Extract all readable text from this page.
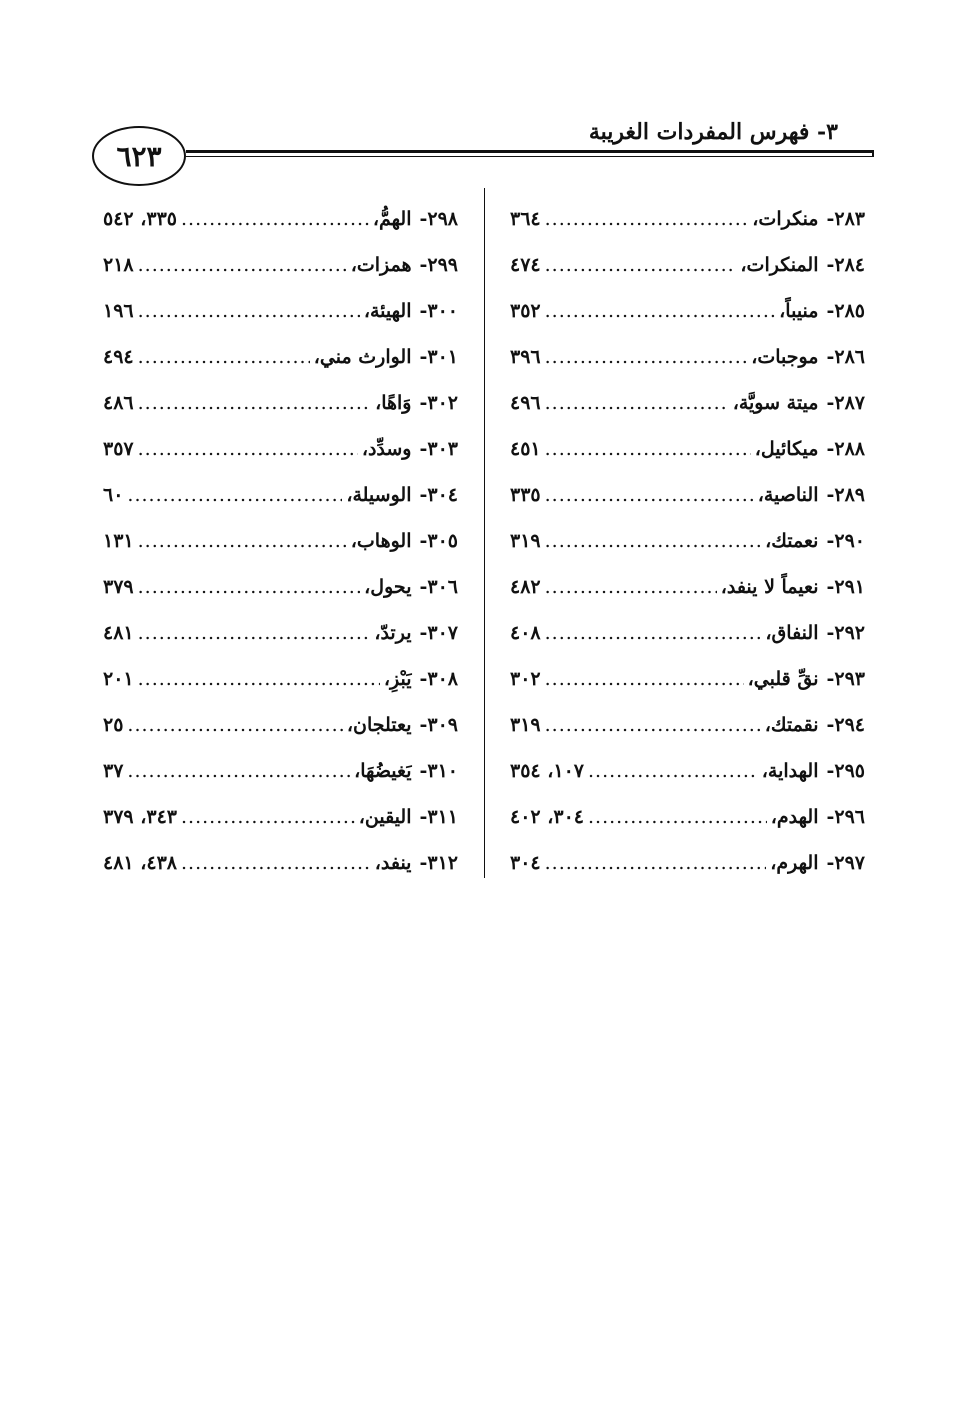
٣- فهرس المفردات الغريبة
٦٢٣
٢٨٣
-
منكرات،
.....
٣٦٤
٢٨٤
-
المنكرات،
.....
٤٧٤
٢٨٥
-
منيباً،
.....
٣٥٢
٢٨٦
-
موجبات،
.....
٣٩٦
٢٨٧
-
ميتة سويَّة،
.....
٤٩٦
٢٨٨
-
ميكائيل،
.....
٤٥١
٢٨٩
-
الناصية،
.....
٣٣٥
٢٩٠
-
نعمتك،
.....
٣١٩
٢٩١
-
نعيماً لا ينفد،
.....
٤٨٢
٢٩٢
-
النفاق،
.....
٤٠٨
٢٩٣
-
نقِّ قلبي،
.....
٣٠٢
٢٩٤
-
نقمتك،
.....
٣١٩
٢٩٥
-
الهداية،
.....
١٠٧، ٣٥٤
٢٩٦
-
الهدم،
.....
٣٠٤، ٤٠٢
٢٩٧
-
الهرم،
.....
٣٠٤
٢٩٨
-
الهمُّ،
.....
٣٣٥، ٥٤٢
٢٩٩
-
همزات،
.....
٢١٨
٣٠٠
-
الهيئة،
.....
١٩٦
٣٠١
-
الوارث مني،
.....
٤٩٤
٣٠٢
-
وَاهًا،
.....
٤٨٦
٣٠٣
-
وسدِّد،
.....
٣٥٧
٣٠٤
-
الوسيلة،
.....
٦٠
٣٠٥
-
الوهاب،
.....
١٣١
٣٠٦
-
يحول،
.....
٣٧٩
٣٠٧
-
يرتدّ،
.....
٤٨١
٣٠٨
-
يَبْزِ،
.....
٢٠١
٣٠٩
-
يعتلجان،
.....
٢٥
٣١٠
-
يَغيضُهَا،
.....
٣٧
٣١١
-
اليقين،
.....
٣٤٣، ٣٧٩
٣١٢
-
ينفد،
.....
٤٣٨، ٤٨١
